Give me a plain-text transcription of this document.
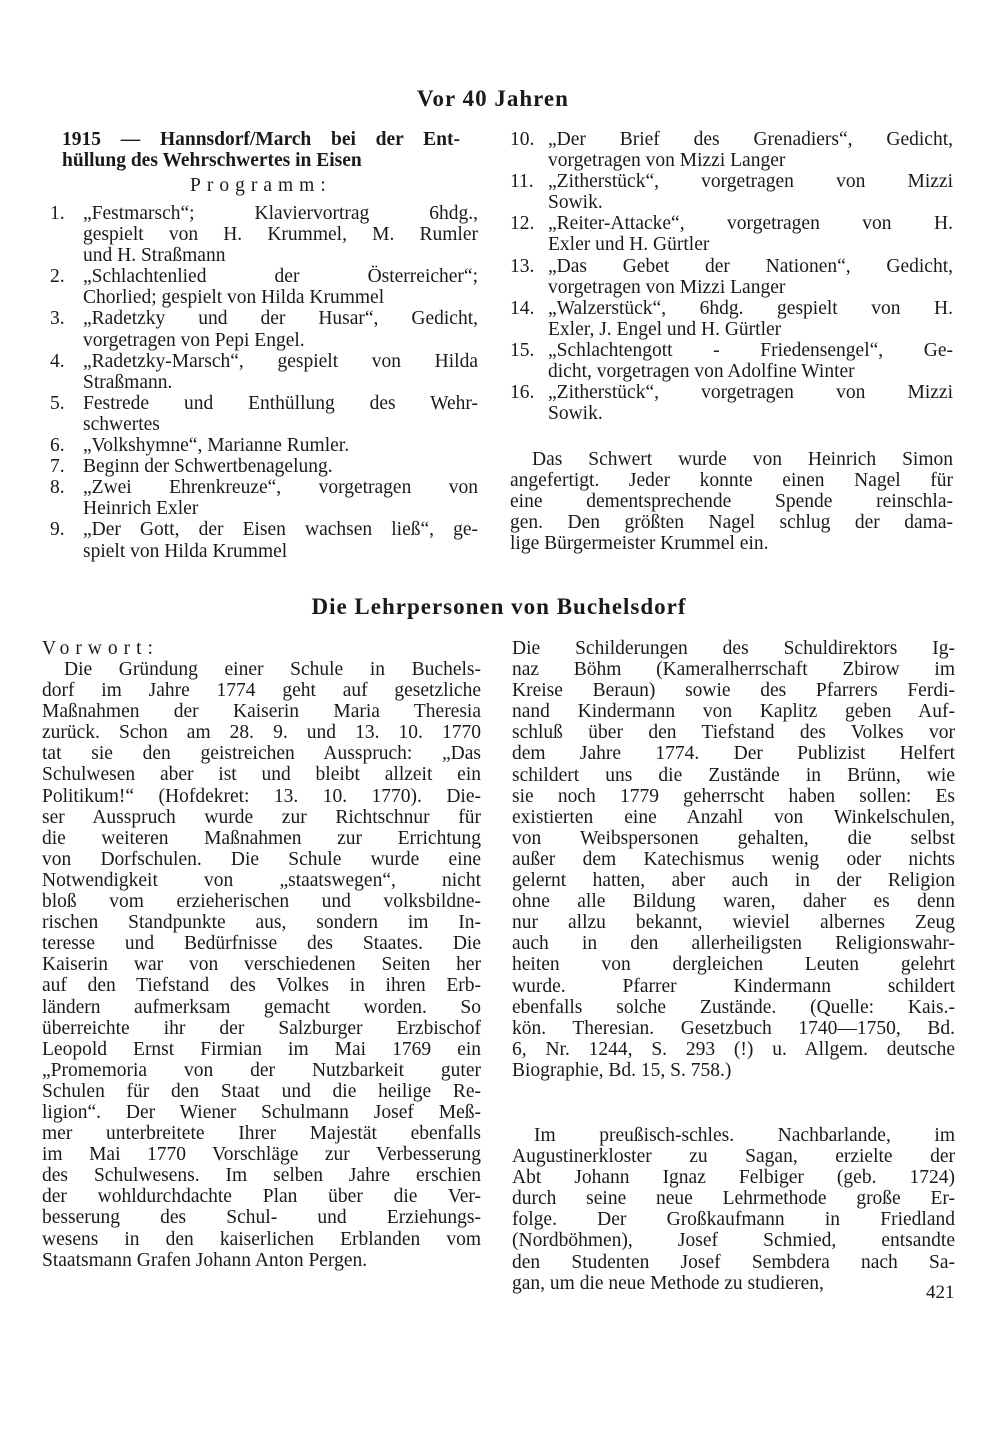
Vor 40 Jahren
1915 — Hannsdorf/March bei der Ent-
hüllung des Wehrschwertes in Eisen
Programm:
1. „Festmarsch“; Klaviervortrag 6hdg.,
gespielt von H. Krummel, M. Rumler
und H. Straßmann
2. „Schlachtenlied der Österreicher“;
Chorlied; gespielt von Hilda Krummel
3. „Radetzky und der Husar“, Gedicht,
vorgetragen von Pepi Engel.
4. „Radetzky-Marsch“, gespielt von Hilda
Straßmann.
5. Festrede und Enthüllung des Wehr-
schwertes
6. „Volkshymne“, Marianne Rumler.
7. Beginn der Schwertbenagelung.
8. „Zwei Ehrenkreuze“, vorgetragen von
Heinrich Exler
9. „Der Gott, der Eisen wachsen ließ“, ge-
spielt von Hilda Krummel
10. „Der Brief des Grenadiers“, Gedicht,
vorgetragen von Mizzi Langer
11. „Zitherstück“, vorgetragen von Mizzi
Sowik.
12. „Reiter-Attacke“, vorgetragen von H.
Exler und H. Gürtler
13. „Das Gebet der Nationen“, Gedicht,
vorgetragen von Mizzi Langer
14. „Walzerstück“, 6hdg. gespielt von H.
Exler, J. Engel und H. Gürtler
15. „Schlachtengott - Friedensengel“, Ge-
dicht, vorgetragen von Adolfine Winter
16. „Zitherstück“, vorgetragen von Mizzi
Sowik.
Das Schwert wurde von Heinrich Simon
angefertigt. Jeder konnte einen Nagel für
eine dementsprechende Spende reinschla-
gen. Den größten Nagel schlug der dama-
lige Bürgermeister Krummel ein.
Die Lehrpersonen von Buchelsdorf
Vorwort:
Die Gründung einer Schule in Buchels-
dorf im Jahre 1774 geht auf gesetzliche
Maßnahmen der Kaiserin Maria Theresia
zurück. Schon am 28. 9. und 13. 10. 1770
tat sie den geistreichen Ausspruch: „Das
Schulwesen aber ist und bleibt allzeit ein
Politikum!“ (Hofdekret: 13. 10. 1770). Die-
ser Ausspruch wurde zur Richtschnur für
die weiteren Maßnahmen zur Errichtung
von Dorfschulen. Die Schule wurde eine
Notwendigkeit von „staatswegen“, nicht
bloß vom erzieherischen und volksbildne-
rischen Standpunkte aus, sondern im In-
teresse und Bedürfnisse des Staates. Die
Kaiserin war von verschiedenen Seiten her
auf den Tiefstand des Volkes in ihren Erb-
ländern aufmerksam gemacht worden. So
überreichte ihr der Salzburger Erzbischof
Leopold Ernst Firmian im Mai 1769 ein
„Promemoria von der Nutzbarkeit guter
Schulen für den Staat und die heilige Re-
ligion“. Der Wiener Schulmann Josef Meß-
mer unterbreitete Ihrer Majestät ebenfalls
im Mai 1770 Vorschläge zur Verbesserung
des Schulwesens. Im selben Jahre erschien
der wohldurchdachte Plan über die Ver-
besserung des Schul- und Erziehungs-
wesens in den kaiserlichen Erblanden vom
Staatsmann Grafen Johann Anton Pergen.
Die Schilderungen des Schuldirektors Ig-
naz Böhm (Kameralherrschaft Zbirow im
Kreise Beraun) sowie des Pfarrers Ferdi-
nand Kindermann von Kaplitz geben Auf-
schluß über den Tiefstand des Volkes vor
dem Jahre 1774. Der Publizist Helfert
schildert uns die Zustände in Brünn, wie
sie noch 1779 geherrscht haben sollen: Es
existierten eine Anzahl von Winkelschulen,
von Weibspersonen gehalten, die selbst
außer dem Katechismus wenig oder nichts
gelernt hatten, aber auch in der Religion
ohne alle Bildung waren, daher es denn
nur allzu bekannt, wieviel albernes Zeug
auch in den allerheiligsten Religionswahr-
heiten von dergleichen Leuten gelehrt
wurde. Pfarrer Kindermann schildert
ebenfalls solche Zustände. (Quelle: Kais.-
kön. Theresian. Gesetzbuch 1740—1750, Bd.
6, Nr. 1244, S. 293 (!) u. Allgem. deutsche
Biographie, Bd. 15, S. 758.)
Im preußisch-schles. Nachbarlande, im
Augustinerkloster zu Sagan, erzielte der
Abt Johann Ignaz Felbiger (geb. 1724)
durch seine neue Lehrmethode große Er-
folge. Der Großkaufmann in Friedland
(Nordböhmen), Josef Schmied, entsandte
den Studenten Josef Sembdera nach Sa-
gan, um die neue Methode zu studieren,	421
